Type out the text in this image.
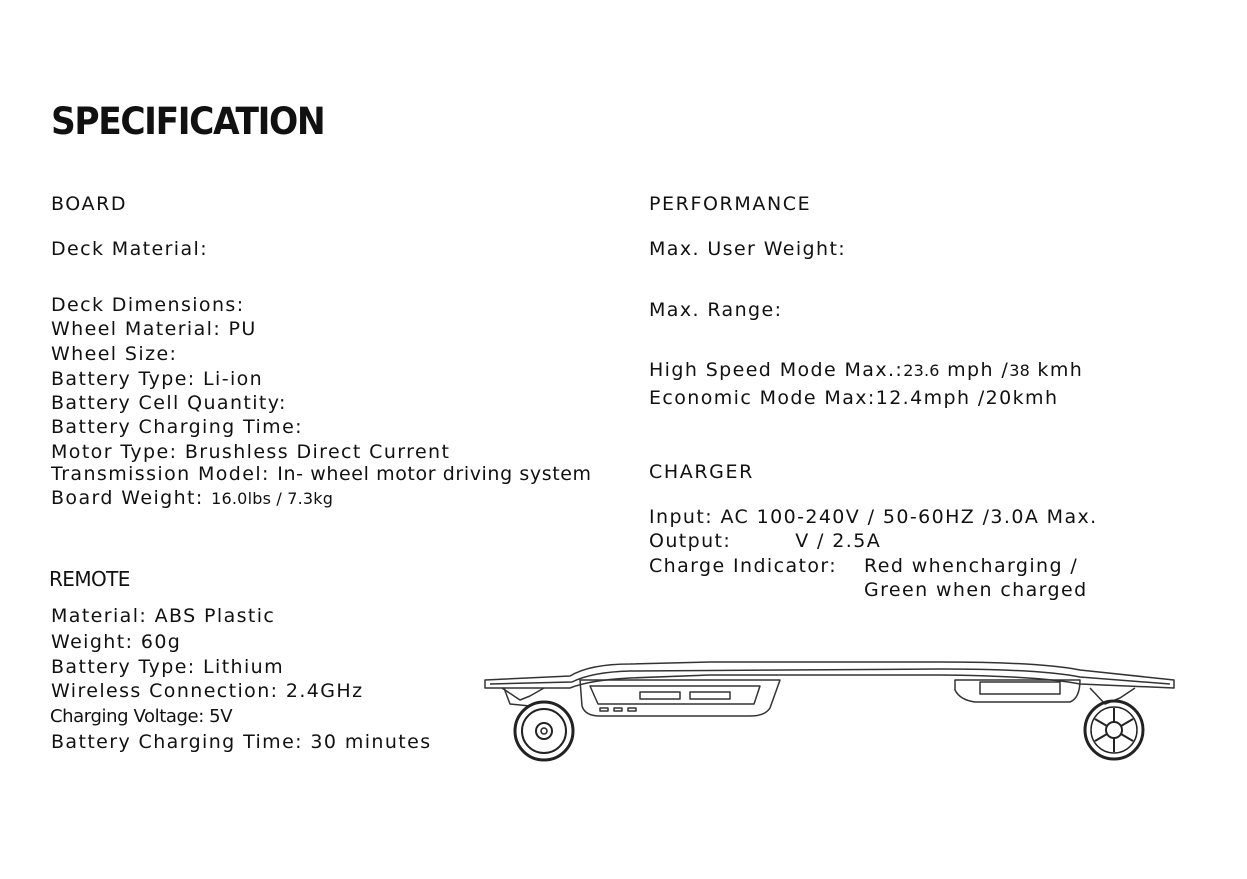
SPECIFICATION
BOARD
Deck Material:
Deck Dimensions:
Wheel Material: PU
Wheel Size:
Battery Type: Li-ion
Battery Cell Quantity:
Battery Charging Time:
Motor Type: Brushless Direct Current
Transmission Model: In- wheel motor driving system
Board Weight: 16.0lbs / 7.3kg
REMOTE
Material: ABS Plastic
Weight: 60g
Battery Type: Lithium
Wireless Connection: 2.4GHz
Charging Voltage: 5V
Battery Charging Time: 30 minutes
PERFORMANCE
Max. User Weight:
Max. Range:
High Speed Mode Max.:23.6 mph /38 kmh
Economic Mode Max:12.4mph /20kmh
CHARGER
Input: AC 100-240V / 50-60HZ /3.0A Max.
Output:	V / 2.5A
Charge Indicator: Red whencharging /
Green when charged
